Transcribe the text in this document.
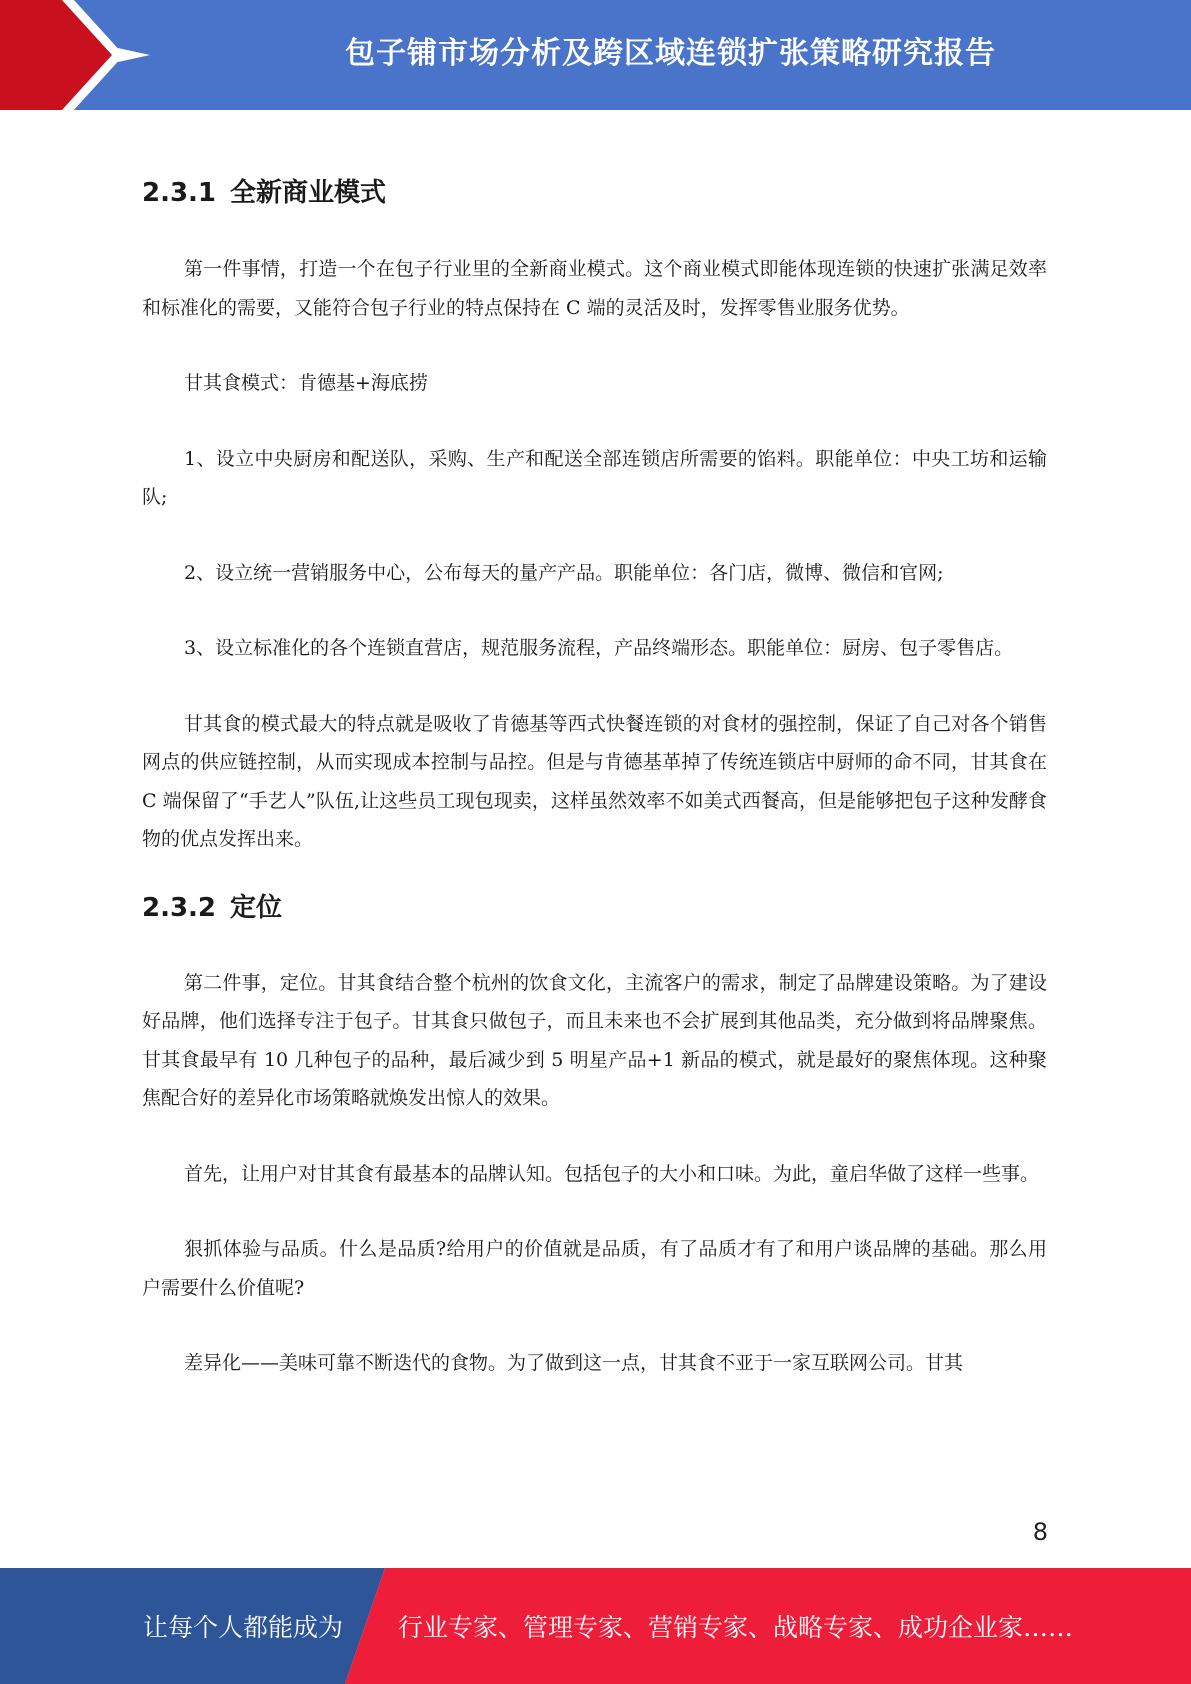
包子铺市场分析及跨区域连锁扩张策略研究报告
2.3.1 全新商业模式

第一件事情，打造一个在包子行业里的全新商业模式。这个商业模式即能体现连锁的快速扩张满足效率和标准化的需要，又能符合包子行业的特点保持在 C 端的灵活及时，发挥零售业服务优势。

甘其食模式：肯德基+海底捞

1、设立中央厨房和配送队，采购、生产和配送全部连锁店所需要的馅料。职能单位：中央工坊和运输队;

2、设立统一营销服务中心，公布每天的量产产品。职能单位：各门店，微博、微信和官网;

3、设立标准化的各个连锁直营店，规范服务流程，产品终端形态。职能单位：厨房、包子零售店。

甘其食的模式最大的特点就是吸收了肯德基等西式快餐连锁的对食材的强控制，保证了自己对各个销售网点的供应链控制，从而实现成本控制与品控。但是与肯德基革掉了传统连锁店中厨师的命不同，甘其食在 C 端保留了“手艺人”队伍,让这些员工现包现卖，这样虽然效率不如美式西餐高，但是能够把包子这种发酵食物的优点发挥出来。

2.3.2 定位

第二件事，定位。甘其食结合整个杭州的饮食文化，主流客户的需求，制定了品牌建设策略。为了建设好品牌，他们选择专注于包子。甘其食只做包子，而且未来也不会扩展到其他品类，充分做到将品牌聚焦。甘其食最早有 10 几种包子的品种，最后减少到 5 明星产品+1 新品的模式，就是最好的聚焦体现。这种聚焦配合好的差异化市场策略就焕发出惊人的效果。

首先，让用户对甘其食有最基本的品牌认知。包括包子的大小和口味。为此，童启华做了这样一些事。

狠抓体验与品质。什么是品质?给用户的价值就是品质，有了品质才有了和用户谈品牌的基础。那么用户需要什么价值呢?

差异化——美味可靠不断迭代的食物。为了做到这一点，甘其食不亚于一家互联网公司。甘其

8
让每个人都能成为 行业专家、管理专家、营销专家、战略专家、成功企业家……
